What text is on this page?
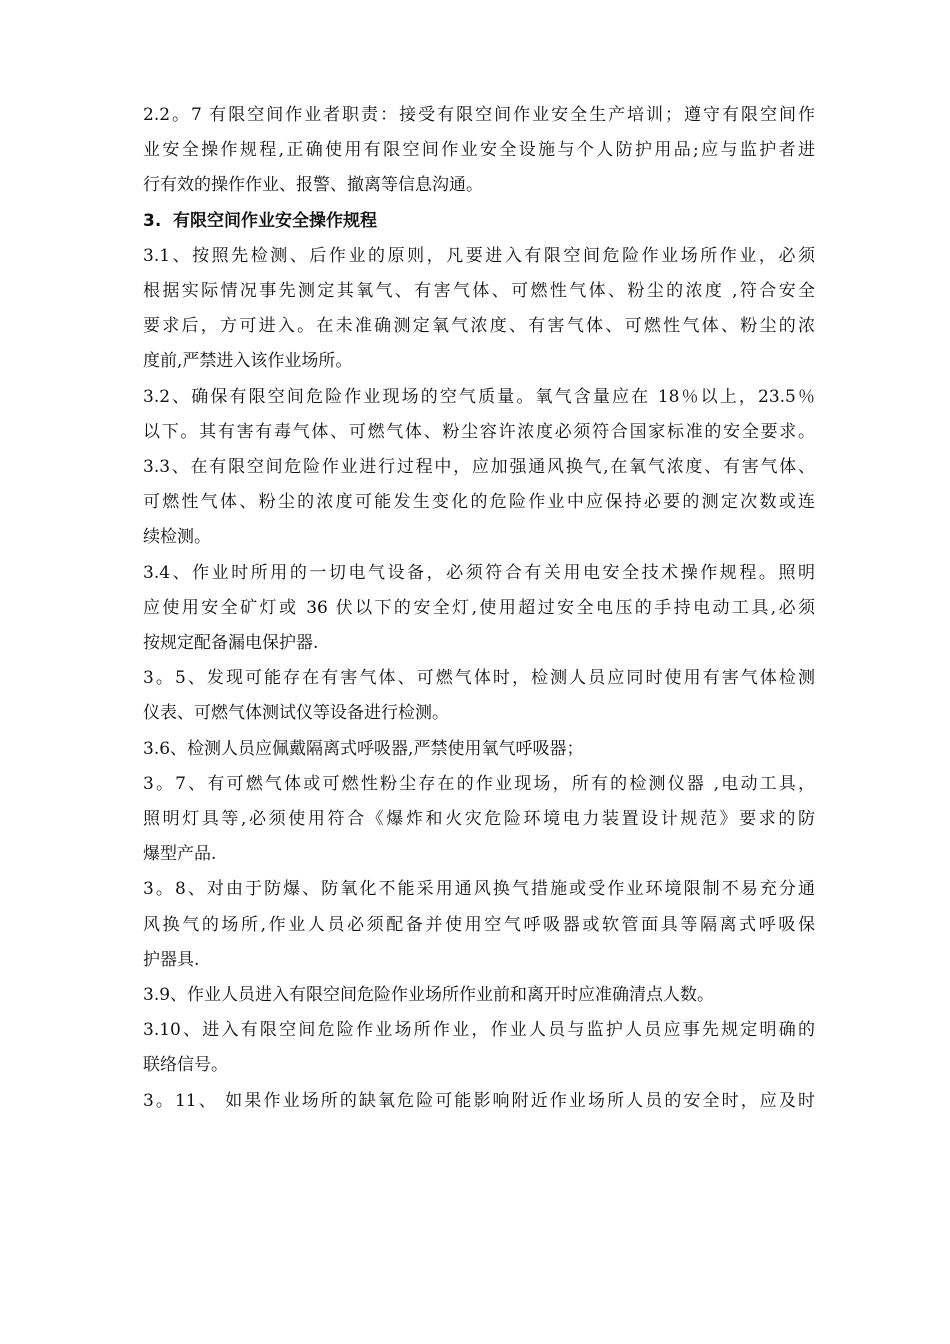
2.2。7 有限空间作业者职责：接受有限空间作业安全生产培训；遵守有限空间作
业安全操作规程,正确使用有限空间作业安全设施与个人防护用品;应与监护者进
行有效的操作作业、报警、撤离等信息沟通。
3. 有限空间作业安全操作规程
3.1、按照先检测、后作业的原则，凡要进入有限空间危险作业场所作业，必须
根据实际情况事先测定其氧气、有害气体、可燃性气体、粉尘的浓度 ,符合安全
要求后，方可进入。在未准确测定氧气浓度、有害气体、可燃性气体、粉尘的浓
度前,严禁进入该作业场所。
3.2、确保有限空间危险作业现场的空气质量。氧气含量应在 18％以上，23.5％
以下。其有害有毒气体、可燃气体、粉尘容许浓度必须符合国家标准的安全要求。
3.3、在有限空间危险作业进行过程中，应加强通风换气,在氧气浓度、有害气体、
可燃性气体、粉尘的浓度可能发生变化的危险作业中应保持必要的测定次数或连
续检测。
3.4、作业时所用的一切电气设备，必须符合有关用电安全技术操作规程。照明
应使用安全矿灯或 36 伏以下的安全灯,使用超过安全电压的手持电动工具,必须
按规定配备漏电保护器.
3。5、发现可能存在有害气体、可燃气体时，检测人员应同时使用有害气体检测
仪表、可燃气体测试仪等设备进行检测。
3.6、检测人员应佩戴隔离式呼吸器,严禁使用氧气呼吸器；
3。7、有可燃气体或可燃性粉尘存在的作业现场，所有的检测仪器 ,电动工具，
照明灯具等,必须使用符合《爆炸和火灾危险环境电力装置设计规范》要求的防
爆型产品.
3。8、对由于防爆、防氧化不能采用通风换气措施或受作业环境限制不易充分通
风换气的场所,作业人员必须配备并使用空气呼吸器或软管面具等隔离式呼吸保
护器具.
3.9、作业人员进入有限空间危险作业场所作业前和离开时应准确清点人数。
3.10、进入有限空间危险作业场所作业，作业人员与监护人员应事先规定明确的
联络信号。
3。11、 如果作业场所的缺氧危险可能影响附近作业场所人员的安全时，应及时
